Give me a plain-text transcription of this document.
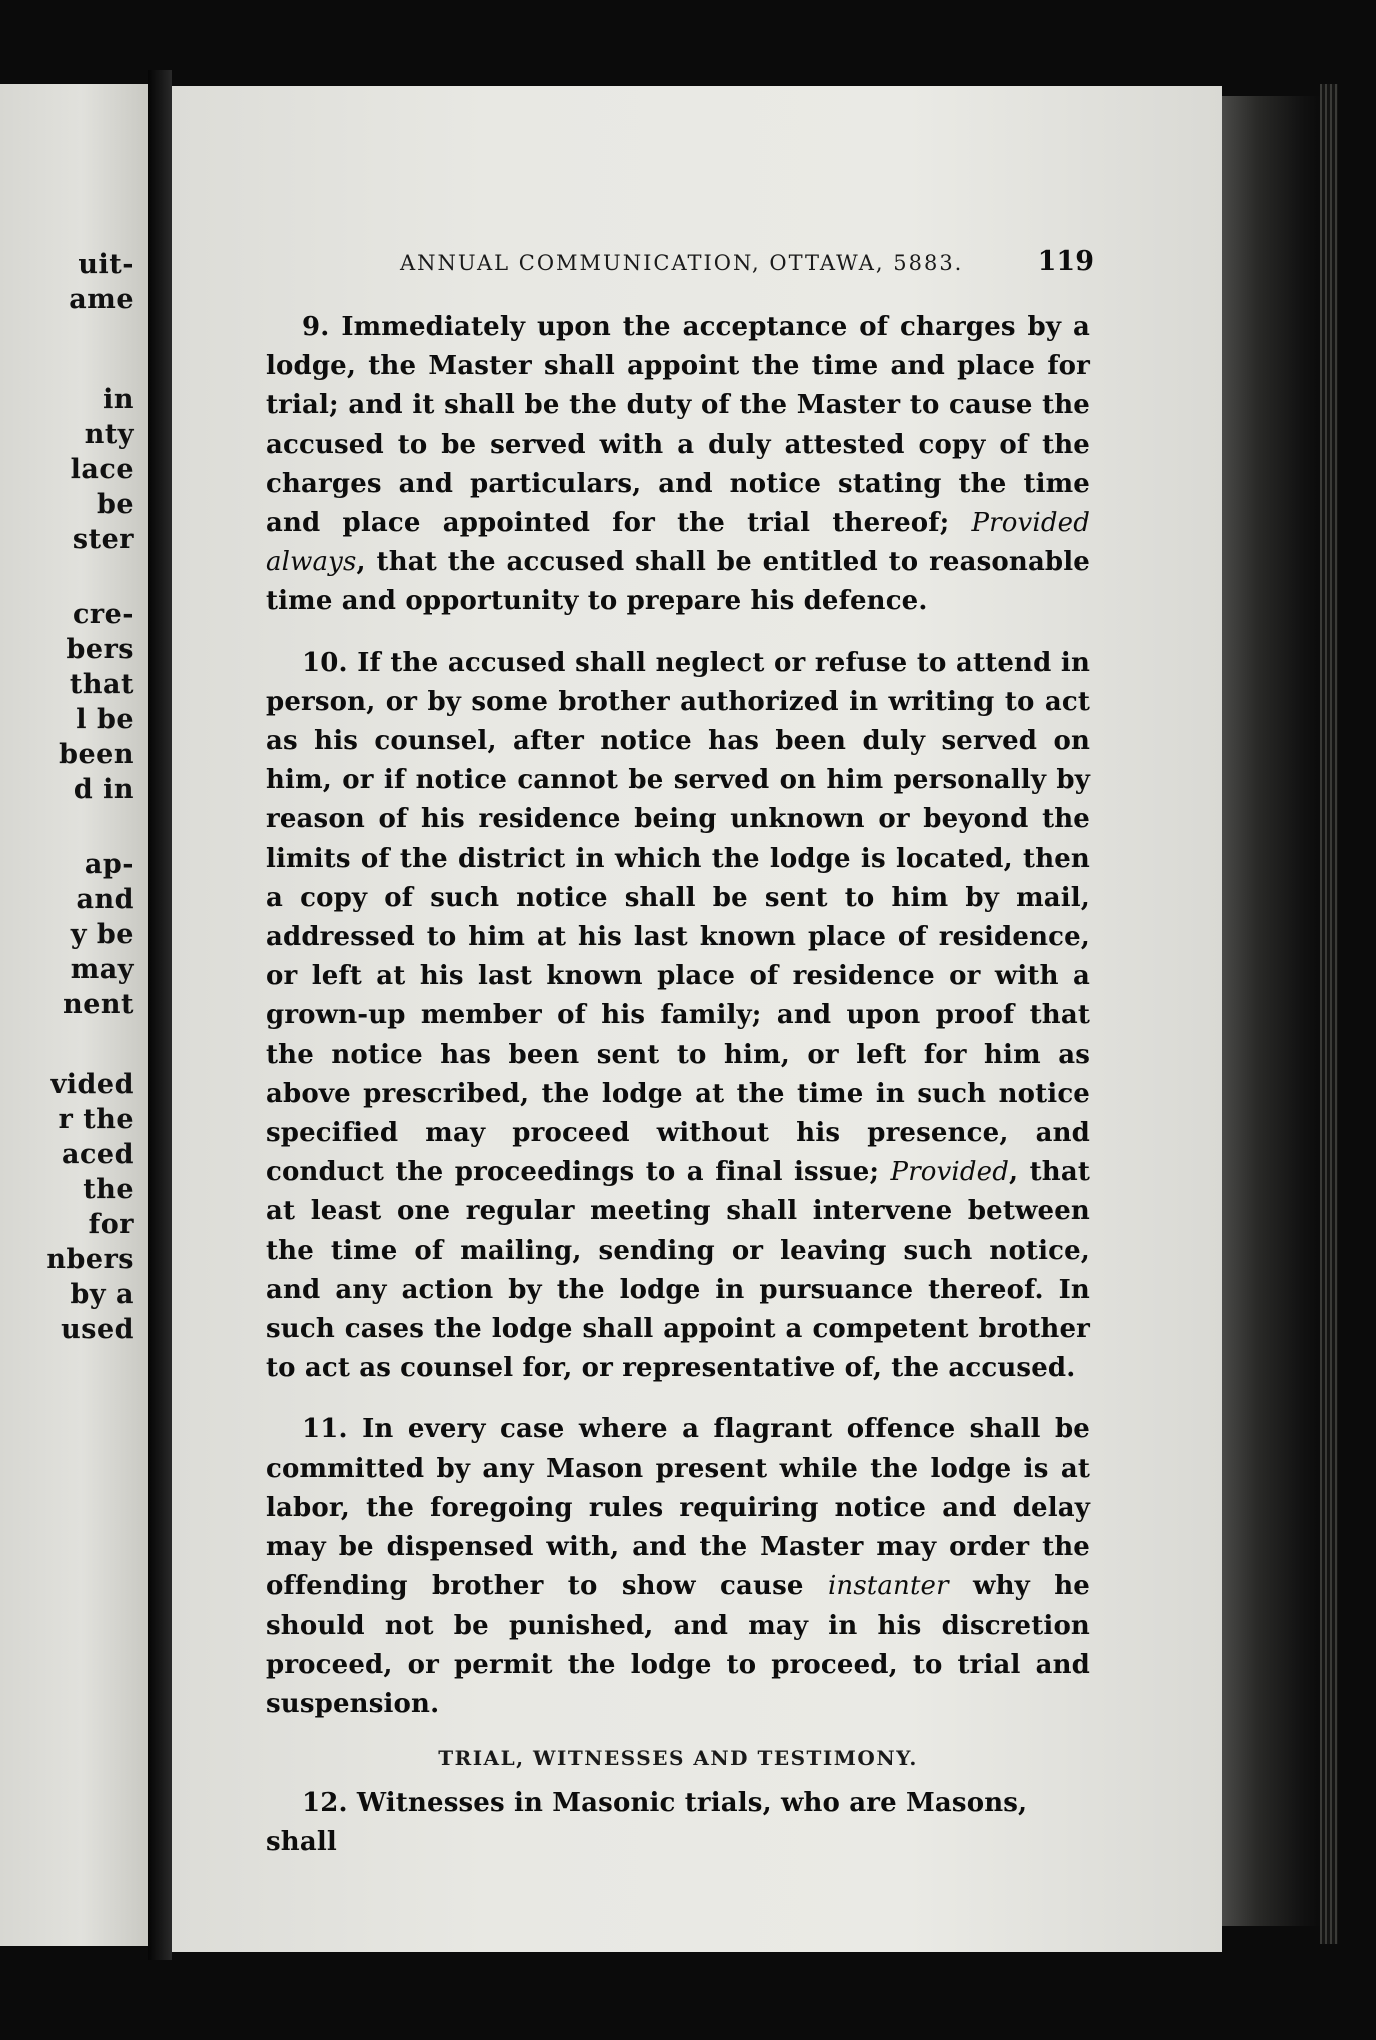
uit-
ame
in
nty
lace
be
ster
cre-
bers
that
l be
been
d in
ap-
and
y be
may
nent
vided
r the
aced
the
for
nbers
by a
used
ANNUAL COMMUNICATION, OTTAWA, 5883.	119

9. Immediately upon the acceptance of charges by a lodge, the Master shall appoint the time and place for trial; and it shall be the duty of the Master to cause the accused to be served with a duly attested copy of the charges and particulars, and notice stating the time and place appointed for the trial thereof; Provided always, that the accused shall be entitled to reasonable time and opportunity to prepare his defence.

10. If the accused shall neglect or refuse to attend in person, or by some brother authorized in writing to act as his counsel, after notice has been duly served on him, or if notice cannot be served on him personally by reason of his residence being unknown or beyond the limits of the district in which the lodge is located, then a copy of such notice shall be sent to him by mail, addressed to him at his last known place of residence, or left at his last known place of residence or with a grown-up member of his family; and upon proof that the notice has been sent to him, or left for him as above prescribed, the lodge at the time in such notice specified may proceed without his presence, and conduct the proceedings to a final issue; Provided, that at least one regular meeting shall intervene between the time of mailing, sending or leaving such notice, and any action by the lodge in pursuance thereof. In such cases the lodge shall appoint a competent brother to act as counsel for, or representative of, the accused.

11. In every case where a flagrant offence shall be committed by any Mason present while the lodge is at labor, the foregoing rules requiring notice and delay may be dispensed with, and the Master may order the offending brother to show cause instanter why he should not be punished, and may in his discretion proceed, or permit the lodge to proceed, to trial and suspension.

TRIAL, WITNESSES AND TESTIMONY.

12. Witnesses in Masonic trials, who are Masons, shall
